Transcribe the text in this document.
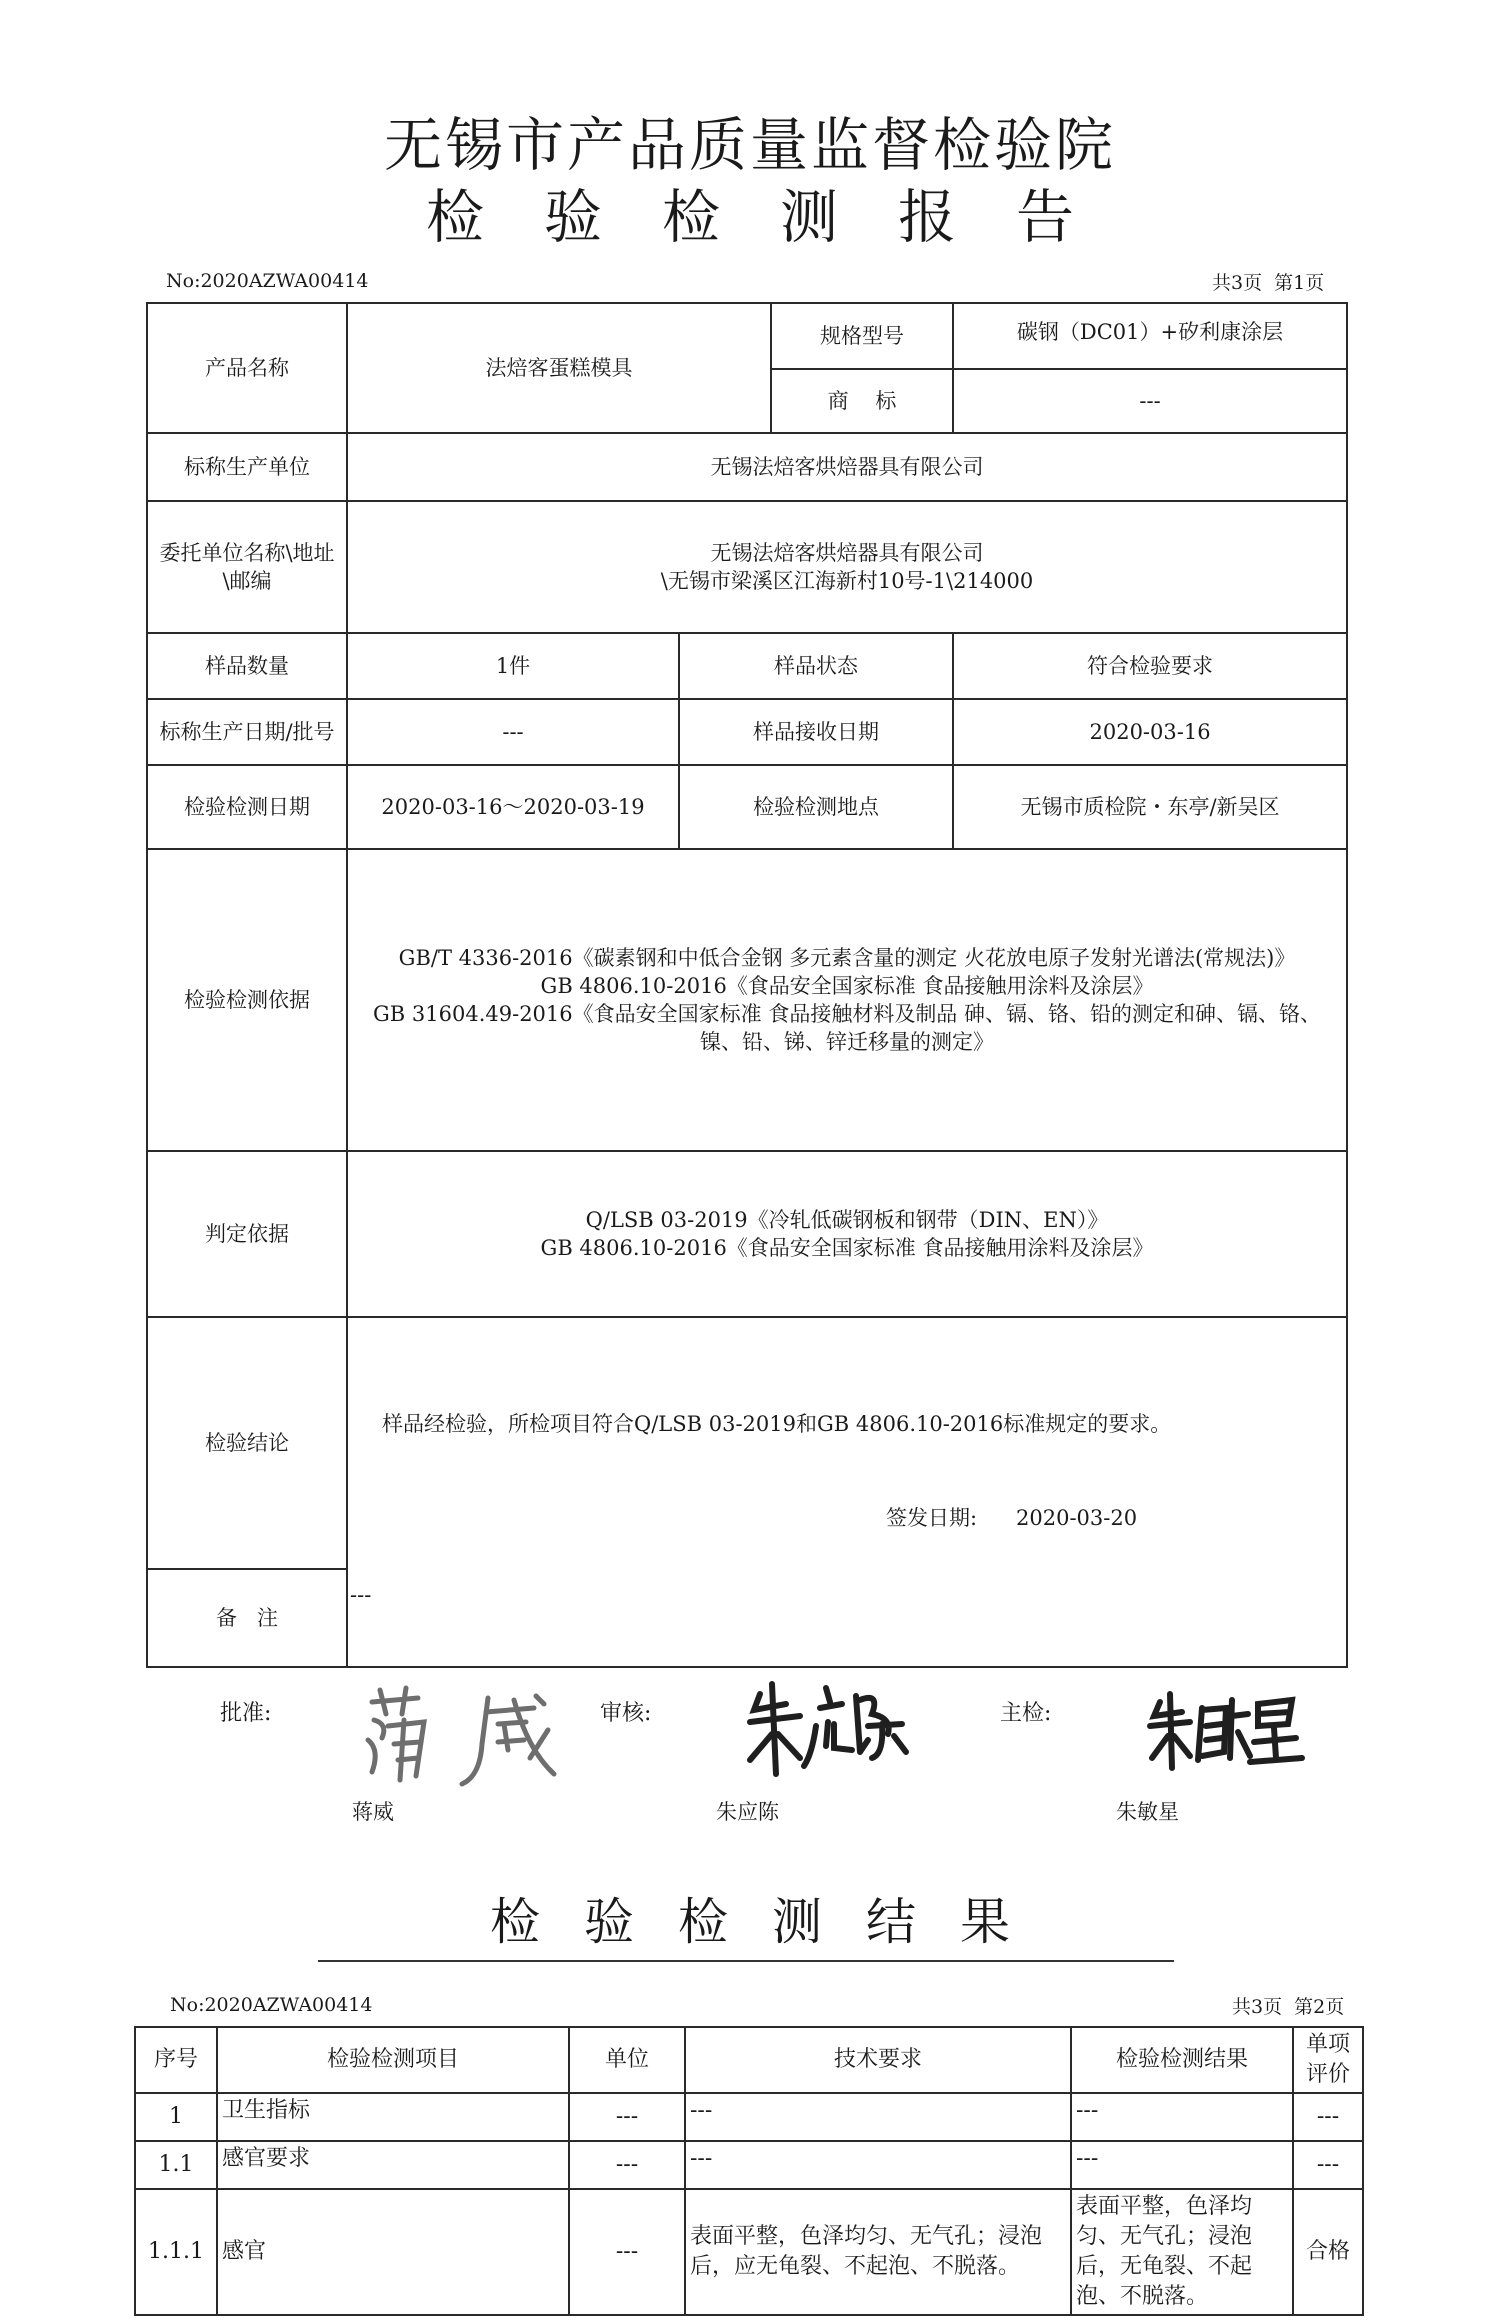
无锡市产品质量监督检验院
检 验 检 测 报 告
No:2020AZWA00414	共3页  第1页
产品名称	法焙客蛋糕模具		规格型号	碳钢（DC01）+矽利康涂层
			商    标	---
标称生产单位	无锡法焙客烘焙器具有限公司			
委托单位名称\地址\邮编	无锡法焙客烘焙器具有限公司
\无锡市梁溪区江海新村10号-1\214000			

样品数量	1件	样品状态		符合检验要求
标称生产日期/批号	---	样品接收日期		2020-03-16
检验检测日期	2020-03-16～2020-03-19	检验检测地点		无锡市质检院・东亭/新吴区
检验检测依据	GB/T 4336-2016《碳素钢和中低合金钢 多元素含量的测定 火花放电原子发射光谱法(常规法)》
GB 4806.10-2016《食品安全国家标准 食品接触用涂料及涂层》
GB 31604.49-2016《食品安全国家标准 食品接触材料及制品 砷、镉、铬、铅的测定和砷、镉、铬、镍、铅、锑、锌迁移量的测定》			

判定依据	Q/LSB 03-2019《冷轧低碳钢板和钢带（DIN、EN）》
GB 4806.10-2016《食品安全国家标准 食品接触用涂料及涂层》			

检验结论	样品经检验，所检项目符合Q/LSB 03-2019和GB 4806.10-2016标准规定的要求。
签发日期: 2020-03-20			

备   注	---			
批准:
蒋威
审核:
朱应陈
主检:
朱敏星
检 验 检 测 结 果
No:2020AZWA00414	共3页  第2页
序号	检验检测项目	单位	技术要求	检验检测结果	单项评价
1	卫生指标	---	---	---	---
1.1	感官要求	---	---	---	---
1.1.1	感官	---	表面平整，色泽均匀、无气孔；浸泡后，应无龟裂、不起泡、不脱落。	表面平整，色泽均匀、无气孔；浸泡后，无龟裂、不起泡、不脱落。	合格
